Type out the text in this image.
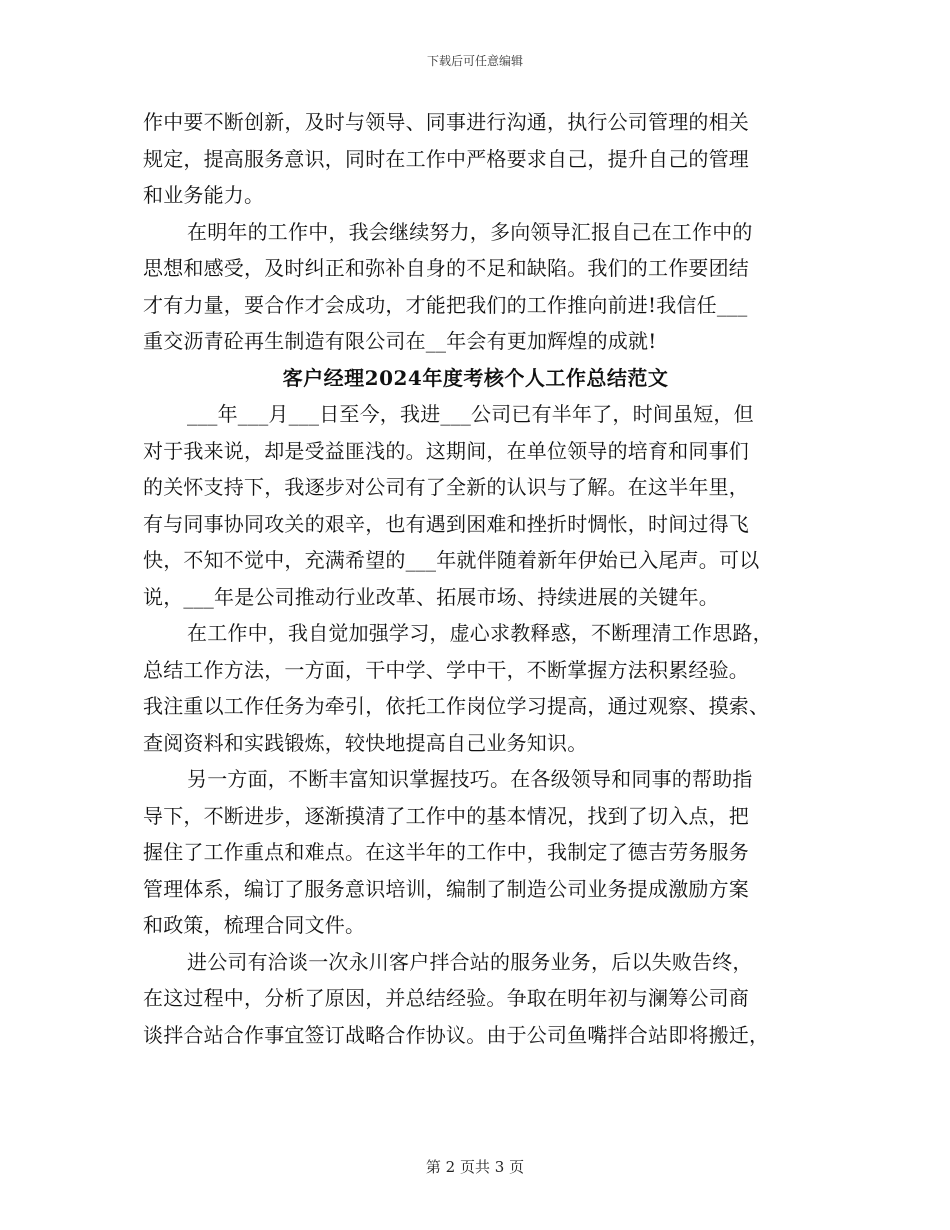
下载后可任意编辑
作中要不断创新，及时与领导、同事进行沟通，执行公司管理的相关
规定，提高服务意识，同时在工作中严格要求自己，提升自己的管理
和业务能力。
在明年的工作中，我会继续努力，多向领导汇报自己在工作中的
思想和感受，及时纠正和弥补自身的不足和缺陷。我们的工作要团结
才有力量，要合作才会成功，才能把我们的工作推向前进!我信任___
重交沥青砼再生制造有限公司在__年会有更加辉煌的成就!
客户经理2024年度考核个人工作总结范文
___年___月___日至今，我进___公司已有半年了，时间虽短，但
对于我来说，却是受益匪浅的。这期间，在单位领导的培育和同事们
的关怀支持下，我逐步对公司有了全新的认识与了解。在这半年里，
有与同事协同攻关的艰辛，也有遇到困难和挫折时惆怅，时间过得飞
快，不知不觉中，充满希望的___年就伴随着新年伊始已入尾声。可以
说，___年是公司推动行业改革、拓展市场、持续进展的关键年。
在工作中，我自觉加强学习，虚心求教释惑，不断理清工作思路，
总结工作方法，一方面，干中学、学中干，不断掌握方法积累经验。
我注重以工作任务为牵引，依托工作岗位学习提高，通过观察、摸索、
查阅资料和实践锻炼，较快地提高自己业务知识。
另一方面，不断丰富知识掌握技巧。在各级领导和同事的帮助指
导下，不断进步，逐渐摸清了工作中的基本情况，找到了切入点，把
握住了工作重点和难点。在这半年的工作中，我制定了德吉劳务服务
管理体系，编订了服务意识培训，编制了制造公司业务提成激励方案
和政策，梳理合同文件。
进公司有洽谈一次永川客户拌合站的服务业务，后以失败告终，
在这过程中，分析了原因，并总结经验。争取在明年初与澜筹公司商
谈拌合站合作事宜签订战略合作协议。由于公司鱼嘴拌合站即将搬迁，
第 2 页共 3 页
